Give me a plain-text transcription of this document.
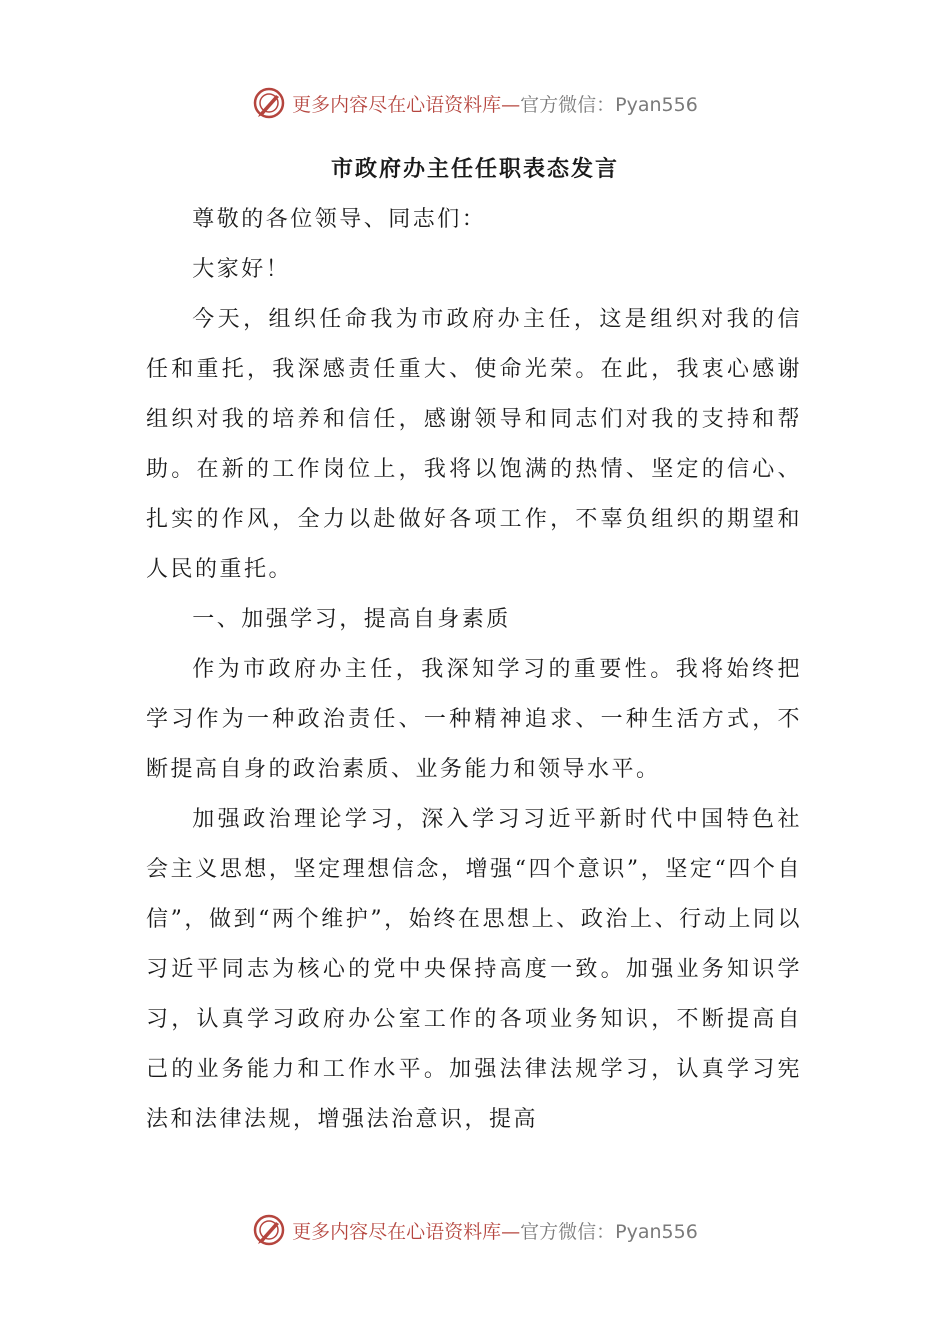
更多内容尽在心语资料库—官方微信：Pyan556
市政府办主任任职表态发言

尊敬的各位领导、同志们：

大家好！

今天，组织任命我为市政府办主任，这是组织对我的信任和重托，我深感责任重大、使命光荣。在此，我衷心感谢组织对我的培养和信任，感谢领导和同志们对我的支持和帮助。在新的工作岗位上，我将以饱满的热情、坚定的信心、扎实的作风，全力以赴做好各项工作，不辜负组织的期望和人民的重托。

一、加强学习，提高自身素质

作为市政府办主任，我深知学习的重要性。我将始终把学习作为一种政治责任、一种精神追求、一种生活方式，不断提高自身的政治素质、业务能力和领导水平。

加强政治理论学习，深入学习习近平新时代中国特色社会主义思想，坚定理想信念，增强“四个意识”，坚定“四个自信”，做到“两个维护”，始终在思想上、政治上、行动上同以习近平同志为核心的党中央保持高度一致。加强业务知识学习，认真学习政府办公室工作的各项业务知识，不断提高自己的业务能力和工作水平。加强法律法规学习，认真学习宪法和法律法规，增强法治意识，提高

更多内容尽在心语资料库—官方微信：Pyan556
